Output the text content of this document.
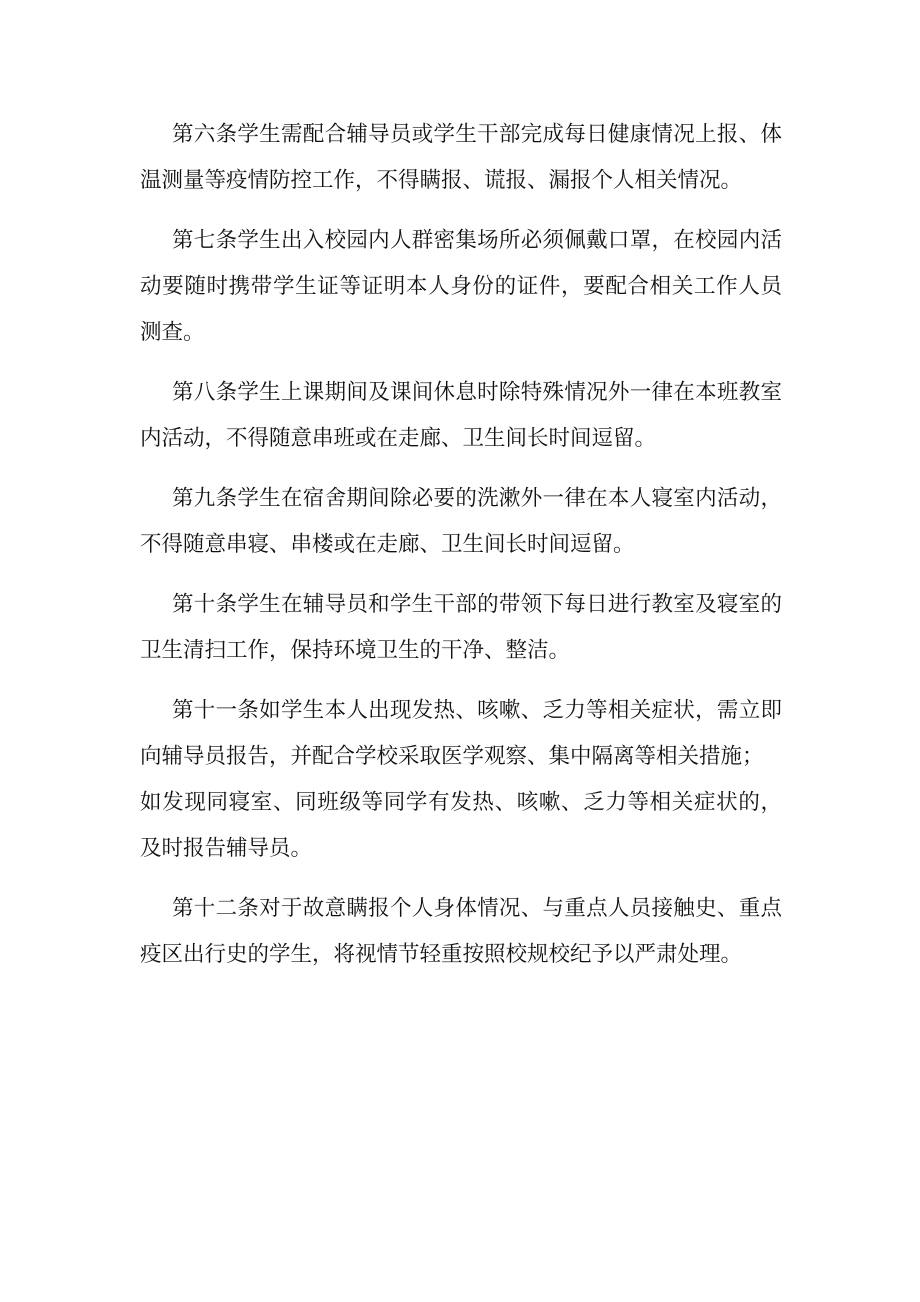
第六条学生需配合辅导员或学生干部完成每日健康情况上报、体温测量等疫情防控工作，不得瞒报、谎报、漏报个人相关情况。

第七条学生出入校园内人群密集场所必须佩戴口罩，在校园内活动要随时携带学生证等证明本人身份的证件，要配合相关工作人员测查。

第八条学生上课期间及课间休息时除特殊情况外一律在本班教室内活动，不得随意串班或在走廊、卫生间长时间逗留。

第九条学生在宿舍期间除必要的洗漱外一律在本人寝室内活动，不得随意串寝、串楼或在走廊、卫生间长时间逗留。

第十条学生在辅导员和学生干部的带领下每日进行教室及寝室的卫生清扫工作，保持环境卫生的干净、整洁。

第十一条如学生本人出现发热、咳嗽、乏力等相关症状，需立即向辅导员报告，并配合学校采取医学观察、集中隔离等相关措施；

如发现同寝室、同班级等同学有发热、咳嗽、乏力等相关症状的，及时报告辅导员。

第十二条对于故意瞒报个人身体情况、与重点人员接触史、重点疫区出行史的学生，将视情节轻重按照校规校纪予以严肃处理。
